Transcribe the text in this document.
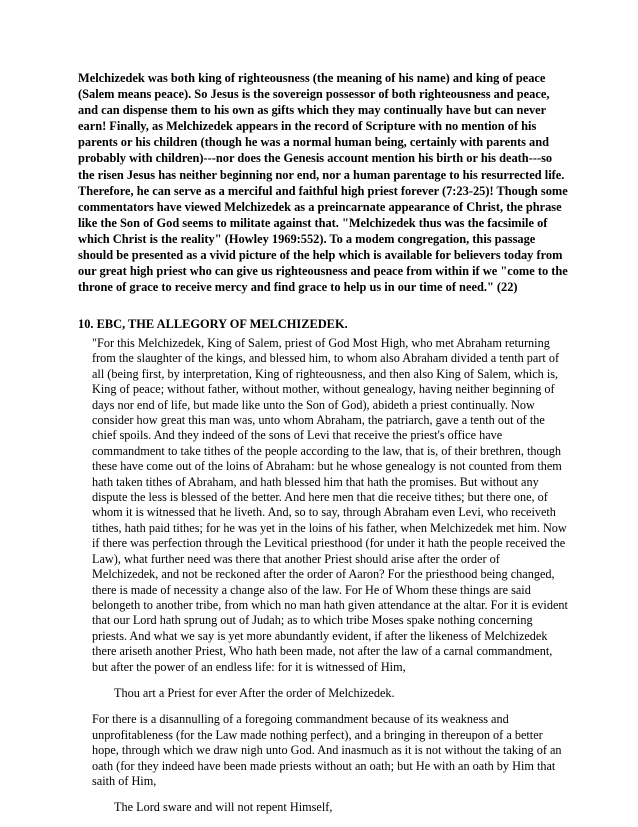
Melchizedek was both king of righteousness (the meaning of his name) and king of peace (Salem means peace). So Jesus is the sovereign possessor of both righteousness and peace, and can dispense them to his own as gifts which they may continually have but can never earn! Finally, as Melchizedek appears in the record of Scripture with no mention of his parents or his children (though he was a normal human being, certainly with parents and probably with children)---nor does the Genesis account mention his birth or his death---so the risen Jesus has neither beginning nor end, nor a human parentage to his resurrected life. Therefore, he can serve as a merciful and faithful high priest forever (7:23-25)! Though some commentators have viewed Melchizedek as a preincarnate appearance of Christ, the phrase like the Son of God seems to militate against that. "Melchizedek thus was the facsimile of which Christ is the reality" (Howley 1969:552). To a modem congregation, this passage should be presented as a vivid picture of the help which is available for believers today from our great high priest who can give us righteousness and peace from within if we "come to the throne of grace to receive mercy and find grace to help us in our time of need." (22)

10. EBC, THE ALLEGORY OF MELCHIZEDEK.

"For this Melchizedek, King of Salem, priest of God Most High, who met Abraham returning from the slaughter of the kings, and blessed him, to whom also Abraham divided a tenth part of all (being first, by interpretation, King of righteousness, and then also King of Salem, which is, King of peace; without father, without mother, without genealogy, having neither beginning of days nor end of life, but made like unto the Son of God), abideth a priest continually. Now consider how great this man was, unto whom Abraham, the patriarch, gave a tenth out of the chief spoils. And they indeed of the sons of Levi that receive the priest's office have commandment to take tithes of the people according to the law, that is, of their brethren, though these have come out of the loins of Abraham: but he whose genealogy is not counted from them hath taken tithes of Abraham, and hath blessed him that hath the promises. But without any dispute the less is blessed of the better. And here men that die receive tithes; but there one, of whom it is witnessed that he liveth. And, so to say, through Abraham even Levi, who receiveth tithes, hath paid tithes; for he was yet in the loins of his father, when Melchizedek met him. Now if there was perfection through the Levitical priesthood (for under it hath the people received the Law), what further need was there that another Priest should arise after the order of Melchizedek, and not be reckoned after the order of Aaron? For the priesthood being changed, there is made of necessity a change also of the law. For He of Whom these things are said belongeth to another tribe, from which no man hath given attendance at the altar. For it is evident that our Lord hath sprung out of Judah; as to which tribe Moses spake nothing concerning priests. And what we say is yet more abundantly evident, if after the likeness of Melchizedek there ariseth another Priest, Who hath been made, not after the law of a carnal commandment, but after the power of an endless life: for it is witnessed of Him,

Thou art a Priest for ever After the order of Melchizedek.

For there is a disannulling of a foregoing commandment because of its weakness and unprofitableness (for the Law made nothing perfect), and a bringing in thereupon of a better hope, through which we draw nigh unto God. And inasmuch as it is not without the taking of an oath (for they indeed have been made priests without an oath; but He with an oath by Him that saith of Him,

The Lord sware and will not repent Himself,
